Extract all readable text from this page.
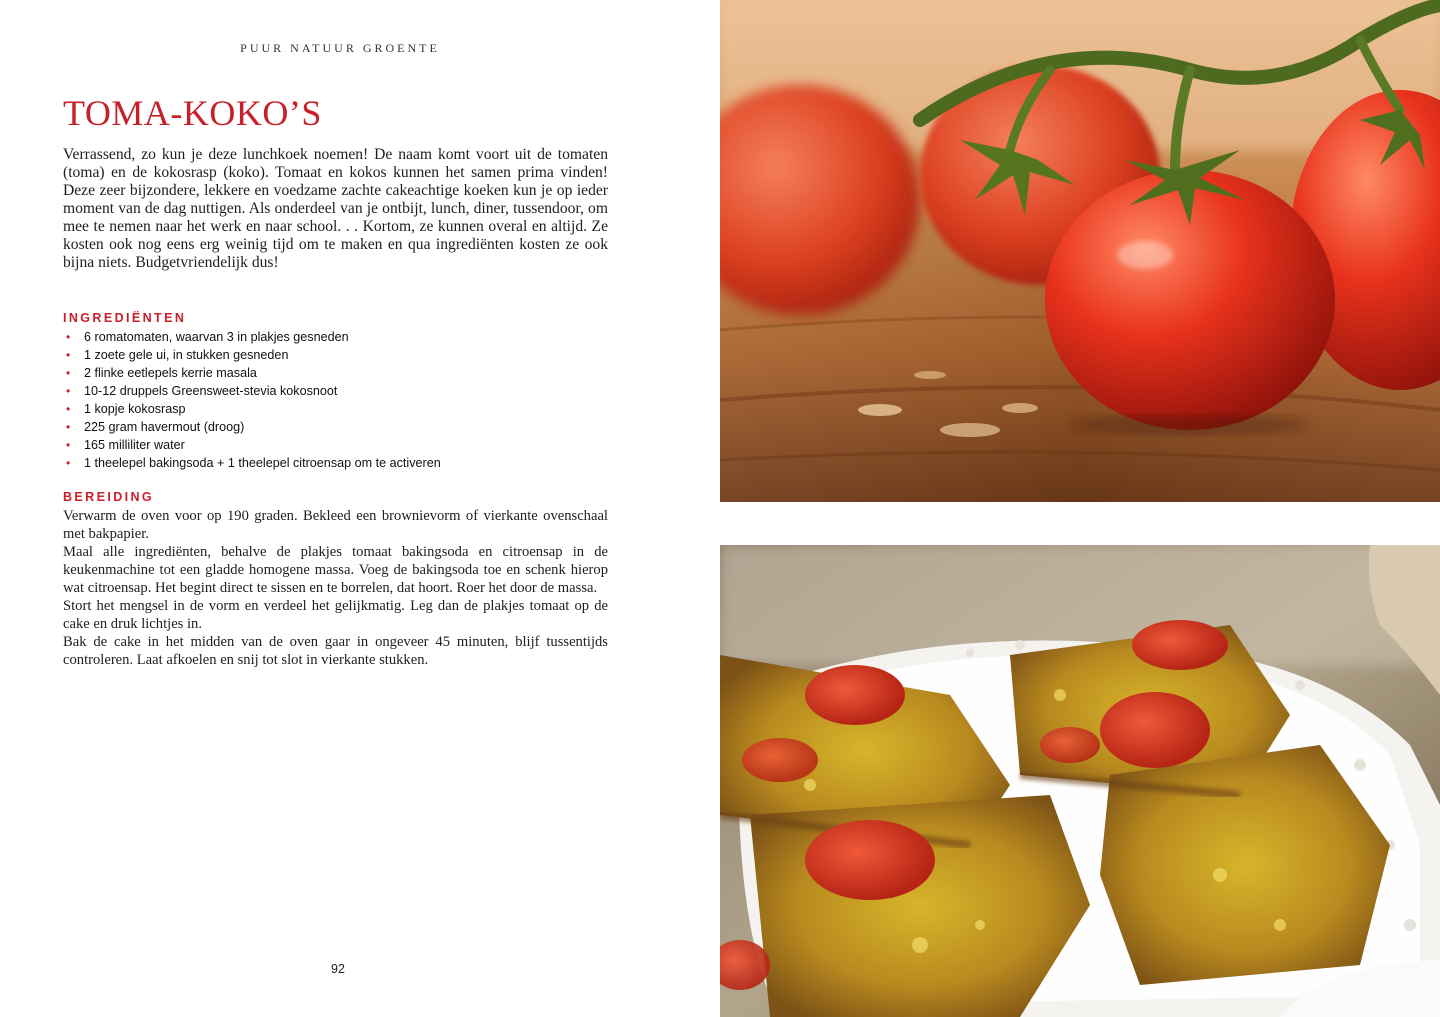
PUUR NATUUR GROENTE
TOMA-KOKO’S

Verrassend, zo kun je deze lunchkoek noemen! De naam komt voort uit de tomaten (toma) en de kokosrasp (koko). Tomaat en kokos kunnen het samen prima vinden! Deze zeer bijzondere, lekkere en voedzame zachte cakeachtige koeken kun je op ieder moment van de dag nuttigen. Als onderdeel van je ontbijt, lunch, diner, tussendoor, om mee te nemen naar het werk en naar school. . . Kortom, ze kunnen overal en altijd. Ze kosten ook nog eens erg weinig tijd om te maken en qua ingrediënten kosten ze ook bijna niets. Budgetvriendelijk dus!

INGREDIËNTEN
• 6 romatomaten, waarvan 3 in plakjes gesneden
• 1 zoete gele ui, in stukken gesneden
• 2 flinke eetlepels kerrie masala
• 10-12 druppels Greensweet-stevia kokosnoot
• 1 kopje kokosrasp
• 225 gram havermout (droog)
• 165 milliliter water
• 1 theelepel bakingsoda + 1 theelepel citroensap om te activeren
BEREIDING

Verwarm de oven voor op 190 graden. Bekleed een brownievorm of vierkante ovenschaal met bakpapier.

Maal alle ingrediënten, behalve de plakjes tomaat bakingsoda en citroensap in de keukenmachine tot een gladde homogene massa. Voeg de bakingsoda toe en schenk hierop wat citroensap. Het begint direct te sissen en te borrelen, dat hoort. Roer het door de massa.

Stort het mengsel in de vorm en verdeel het gelijkmatig. Leg dan de plakjes tomaat op de cake en druk lichtjes in.

Bak de cake in het midden van de oven gaar in ongeveer 45 minuten, blijf tussentijds controleren. Laat afkoelen en snij tot slot in vierkante stukken.

92
